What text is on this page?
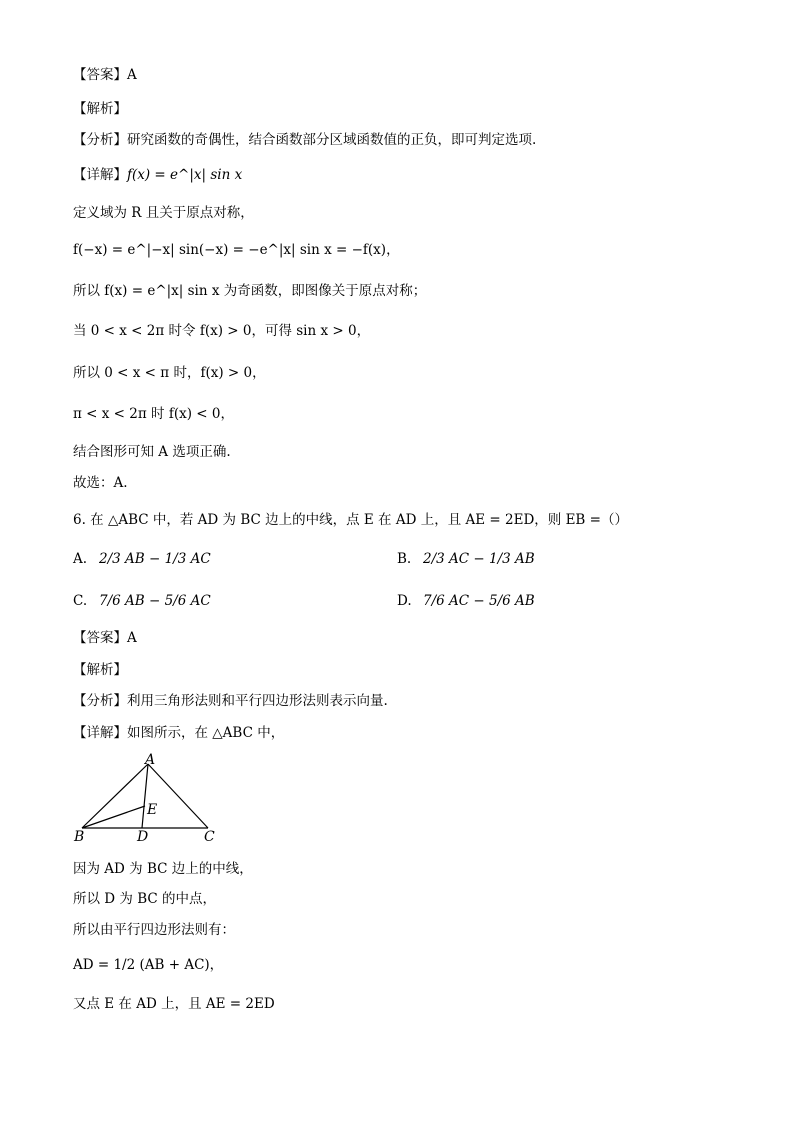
【答案】A
【解析】
【分析】研究函数的奇偶性，结合函数部分区域函数值的正负，即可判定选项.
【详解】f(x) = e^|x| sin x
定义域为 R 且关于原点对称，
f(−x) = e^|−x| sin(−x) = −e^|x| sin x = −f(x)，
所以 f(x) = e^|x| sin x 为奇函数，即图像关于原点对称；
当 0 < x < 2π 时令 f(x) > 0，可得 sin x > 0，
所以 0 < x < π 时，f(x) > 0，
π < x < 2π 时 f(x) < 0，
结合图形可知 A 选项正确.
故选：A.
6. 在 △ABC 中，若 AD 为 BC 边上的中线，点 E 在 AD 上，且 AE = 2ED，则 EB =（）
A. 2/3 AB − 1/3 AC	B. 2/3 AC − 1/3 AB
C. 7/6 AB − 5/6 AC	D. 7/6 AC − 5/6 AB
【答案】A
【解析】
【分析】利用三角形法则和平行四边形法则表示向量.
【详解】如图所示，在 △ABC 中，
A
B	C
D
E
因为 AD 为 BC 边上的中线，
所以 D 为 BC 的中点，
所以由平行四边形法则有：
AD = 1/2 (AB + AC)，
又点 E 在 AD 上，且 AE = 2ED
